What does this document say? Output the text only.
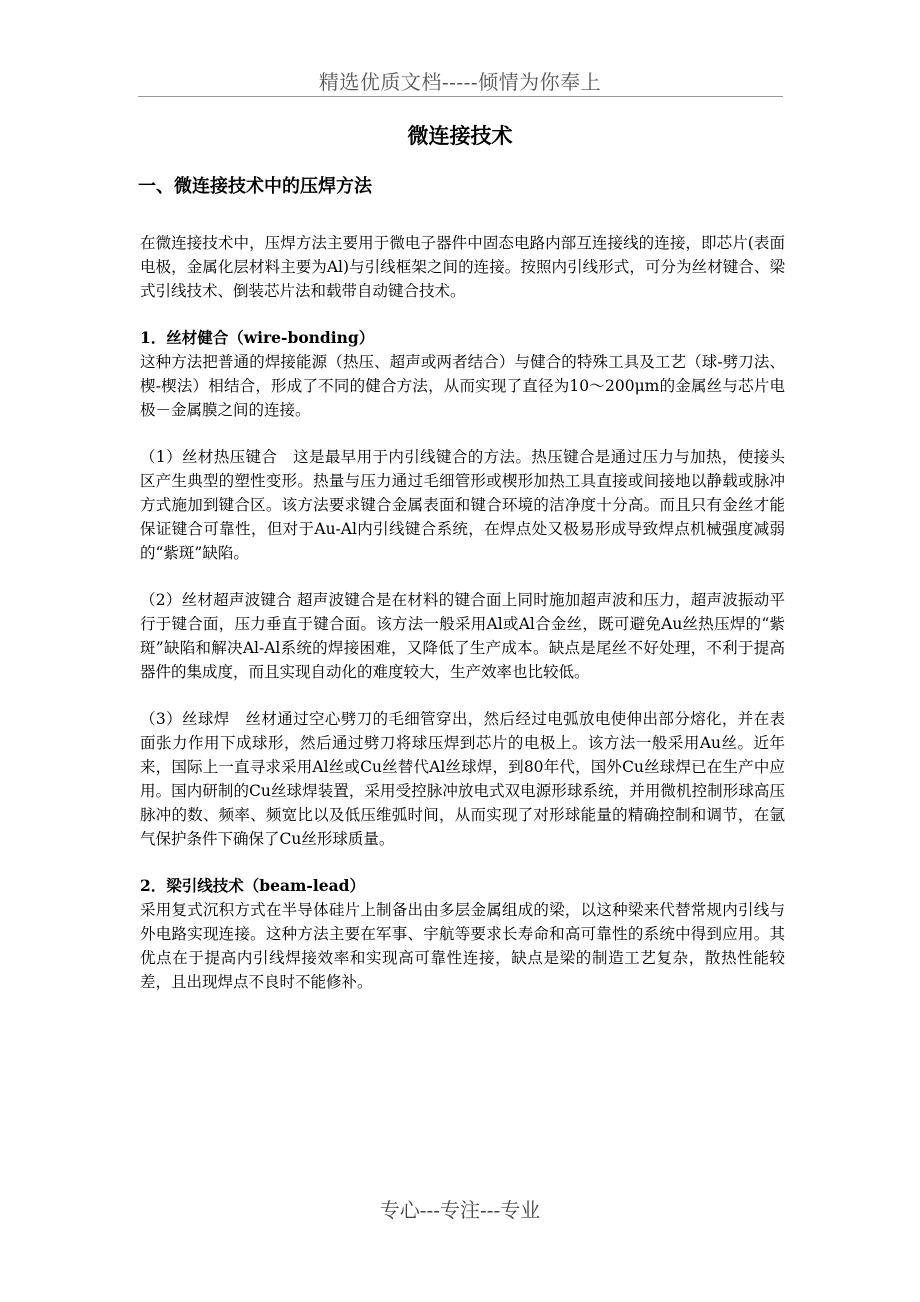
精选优质文档-----倾情为你奉上
微连接技术
一、微连接技术中的压焊方法

在微连接技术中，压焊方法主要用于微电子器件中固态电路内部互连接线的连接，即芯片(表面电极，金属化层材料主要为Al)与引线框架之间的连接。按照内引线形式，可分为丝材键合、梁式引线技术、倒装芯片法和载带自动键合技术。

1．丝材健合（wire-bonding）

这种方法把普通的焊接能源（热压、超声或两者结合）与健合的特殊工具及工艺（球-劈刀法、楔-楔法）相结合，形成了不同的健合方法，从而实现了直径为10～200μm的金属丝与芯片电极－金属膜之间的连接。

（1）丝材热压键合　这是最早用于内引线键合的方法。热压键合是通过压力与加热，使接头区产生典型的塑性变形。热量与压力通过毛细管形或楔形加热工具直接或间接地以静载或脉冲方式施加到键合区。该方法要求键合金属表面和键合环境的洁净度十分高。而且只有金丝才能保证键合可靠性，但对于Au-Al内引线键合系统，在焊点处又极易形成导致焊点机械强度减弱的“紫斑”缺陷。

（2）丝材超声波键合 超声波键合是在材料的键合面上同时施加超声波和压力，超声波振动平行于键合面，压力垂直于键合面。该方法一般采用Al或Al合金丝，既可避免Au丝热压焊的“紫斑”缺陷和解决Al-Al系统的焊接困难，又降低了生产成本。缺点是尾丝不好处理，不利于提高器件的集成度，而且实现自动化的难度较大，生产效率也比较低。

（3）丝球焊　丝材通过空心劈刀的毛细管穿出，然后经过电弧放电使伸出部分熔化，并在表面张力作用下成球形，然后通过劈刀将球压焊到芯片的电极上。该方法一般采用Au丝。近年来，国际上一直寻求采用Al丝或Cu丝替代Al丝球焊，到80年代，国外Cu丝球焊已在生产中应用。国内研制的Cu丝球焊装置，采用受控脉冲放电式双电源形球系统，并用微机控制形球高压脉冲的数、频率、频宽比以及低压维弧时间，从而实现了对形球能量的精确控制和调节，在氩气保护条件下确保了Cu丝形球质量。

2．梁引线技术（beam-lead）

采用复式沉积方式在半导体硅片上制备出由多层金属组成的梁，以这种梁来代替常规内引线与外电路实现连接。这种方法主要在军事、宇航等要求长寿命和高可靠性的系统中得到应用。其优点在于提高内引线焊接效率和实现高可靠性连接，缺点是梁的制造工艺复杂，散热性能较差，且出现焊点不良时不能修补。

专心---专注---专业
